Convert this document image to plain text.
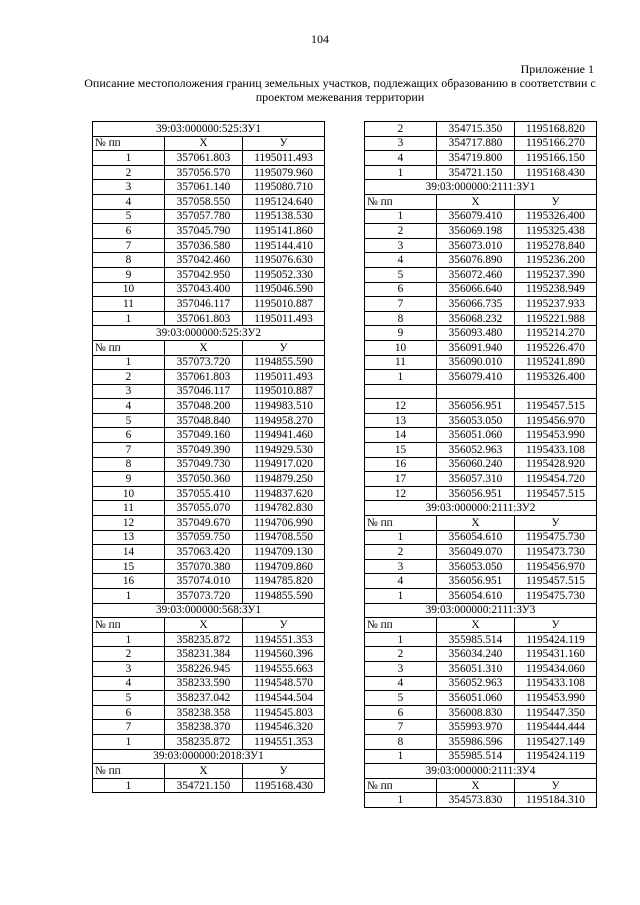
104
Приложение 1
Описание местоположения границ земельных участков, подлежащих образованию в соответствии с проектом межевания территории
39:03:000000:525:ЗУ1		
№ пп	X	У
1	357061.803	1195011.493
2	357056.570	1195079.960
3	357061.140	1195080.710
4	357058.550	1195124.640
5	357057.780	1195138.530
6	357045.790	1195141.860
7	357036.580	1195144.410
8	357042.460	1195076.630
9	357042.950	1195052.330
10	357043.400	1195046.590
11	357046.117	1195010.887
1	357061.803	1195011.493
39:03:000000:525:ЗУ2		
№ пп	X	У
1	357073.720	1194855.590
2	357061.803	1195011.493
3	357046.117	1195010.887
4	357048.200	1194983.510
5	357048.840	1194958.270
6	357049.160	1194941.460
7	357049.390	1194929.530
8	357049.730	1194917.020
9	357050.360	1194879.250
10	357055.410	1194837.620
11	357055.070	1194782.830
12	357049.670	1194706.990
13	357059.750	1194708.550
14	357063.420	1194709.130
15	357070.380	1194709.860
16	357074.010	1194785.820
1	357073.720	1194855.590
39:03:000000:568:ЗУ1		
№ пп	X	У
1	358235.872	1194551.353
2	358231.384	1194560.396
3	358226.945	1194555.663
4	358233.590	1194548.570
5	358237.042	1194544.504
6	358238.358	1194545.803
7	358238.370	1194546.320
1	358235.872	1194551.353
39:03:000000:2018:ЗУ1		
№ пп	X	У
1	354721.150	1195168.430
2	354715.350	1195168.820
3	354717.880	1195166.270
4	354719.800	1195166.150
1	354721.150	1195168.430
39:03:000000:2111:ЗУ1		
№ пп	X	У
1	356079.410	1195326.400
2	356069.198	1195325.438
3	356073.010	1195278.840
4	356076.890	1195236.200
5	356072.460	1195237.390
6	356066.640	1195238.949
7	356066.735	1195237.933
8	356068.232	1195221.988
9	356093.480	1195214.270
10	356091.940	1195226.470
11	356090.010	1195241.890
1	356079.410	1195326.400

12	356056.951	1195457.515
13	356053.050	1195456.970
14	356051.060	1195453.990
15	356052.963	1195433.108
16	356060.240	1195428.920
17	356057.310	1195454.720
12	356056.951	1195457.515
39:03:000000:2111:ЗУ2		
№ пп	X	У
1	356054.610	1195475.730
2	356049.070	1195473.730
3	356053.050	1195456.970
4	356056.951	1195457.515
1	356054.610	1195475.730
39:03:000000:2111:ЗУ3		
№ пп	X	У
1	355985.514	1195424.119
2	356034.240	1195431.160
3	356051.310	1195434.060
4	356052.963	1195433.108
5	356051.060	1195453.990
6	356008.830	1195447.350
7	355993.970	1195444.444
8	355986.596	1195427.149
1	355985.514	1195424.119
39:03:000000:2111:ЗУ4		
№ пп	X	У
1	354573.830	1195184.310
